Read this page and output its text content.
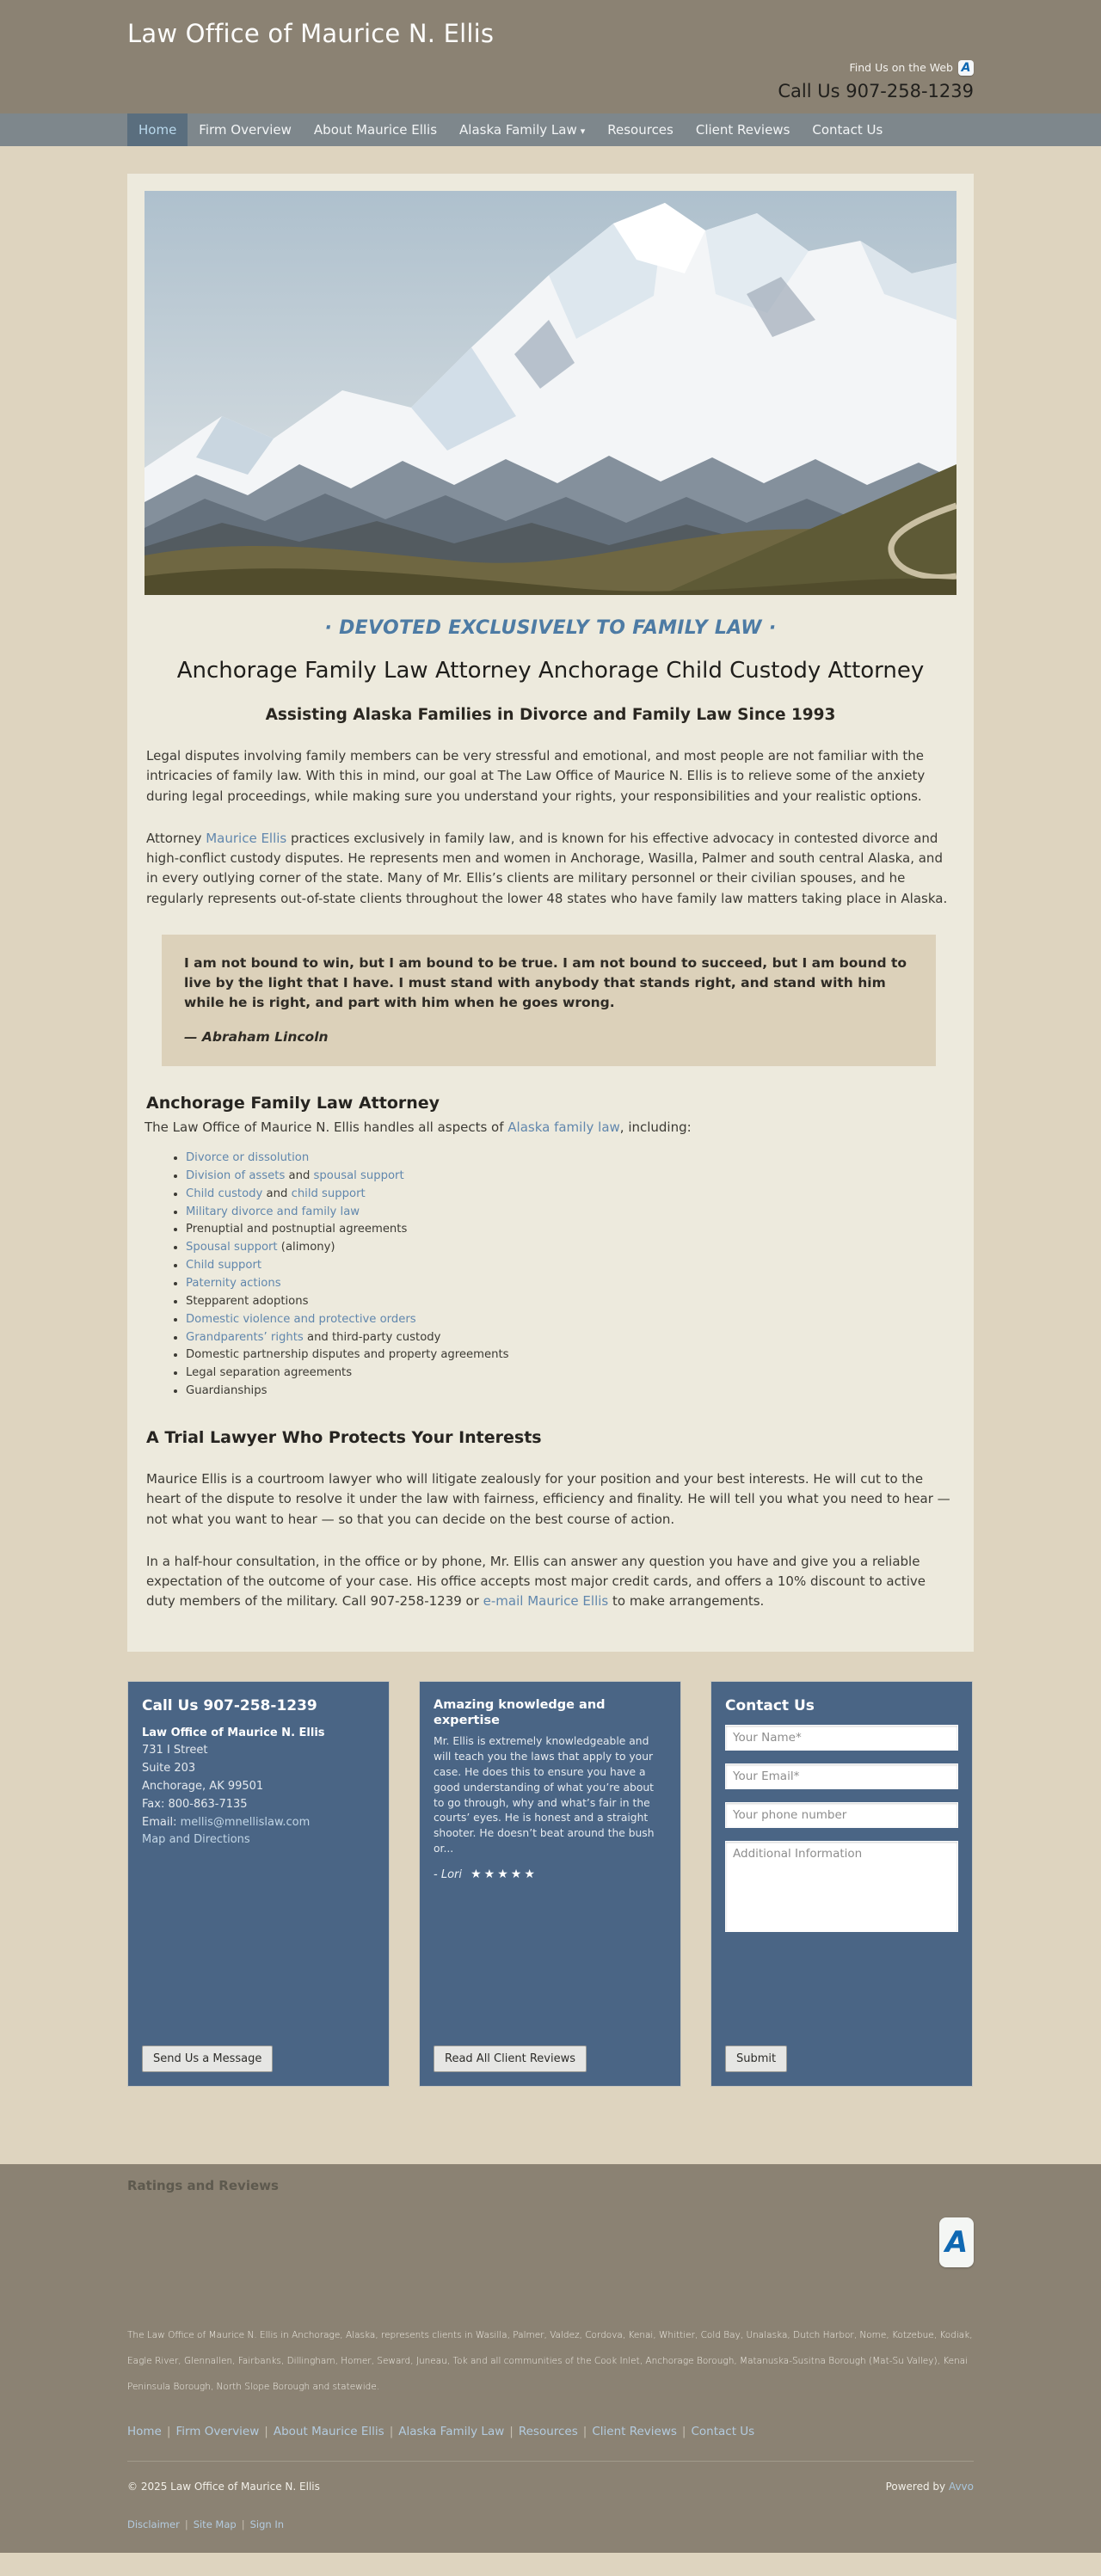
Law Office of Maurice N. Ellis
Find Us on the Web A
Call Us 907-258-1239
Home	Firm Overview	About Maurice Ellis	Alaska Family Law ▾	Resources	Client Reviews	Contact Us
· DEVOTED EXCLUSIVELY TO FAMILY LAW ·
Anchorage Family Law Attorney Anchorage Child Custody Attorney
Assisting Alaska Families in Divorce and Family Law Since 1993

Legal disputes involving family members can be very stressful and emotional, and most people are not familiar with the intricacies of family law. With this in mind, our goal at The Law Office of Maurice N. Ellis is to relieve some of the anxiety during legal proceedings, while making sure you understand your rights, your responsibilities and your realistic options.

Attorney Maurice Ellis practices exclusively in family law, and is known for his effective advocacy in contested divorce and high-conflict custody disputes. He represents men and women in Anchorage, Wasilla, Palmer and south central Alaska, and in every outlying corner of the state. Many of Mr. Ellis’s clients are military personnel or their civilian spouses, and he regularly represents out-of-state clients throughout the lower 48 states who have family law matters taking place in Alaska.

I am not bound to win, but I am bound to be true. I am not bound to succeed, but I am bound to live by the light that I have. I must stand with anybody that stands right, and stand with him while he is right, and part with him when he goes wrong.
— Abraham Lincoln
Anchorage Family Law Attorney

The Law Office of Maurice N. Ellis handles all aspects of Alaska family law, including:

• Divorce or dissolution
• Division of assets and spousal support
• Child custody and child support
• Military divorce and family law
• Prenuptial and postnuptial agreements
• Spousal support (alimony)
• Child support
• Paternity actions
• Stepparent adoptions
• Domestic violence and protective orders
• Grandparents’ rights and third-party custody
• Domestic partnership disputes and property agreements
• Legal separation agreements
• Guardianships
A Trial Lawyer Who Protects Your Interests

Maurice Ellis is a courtroom lawyer who will litigate zealously for your position and your best interests. He will cut to the heart of the dispute to resolve it under the law with fairness, efficiency and finality. He will tell you what you need to hear — not what you want to hear — so that you can decide on the best course of action.

In a half-hour consultation, in the office or by phone, Mr. Ellis can answer any question you have and give you a reliable expectation of the outcome of your case. His office accepts most major credit cards, and offers a 10% discount to active duty members of the military. Call 907-258-1239 or e-mail Maurice Ellis to make arrangements.

Call Us 907-258-1239
Law Office of Maurice N. Ellis
731 I Street
Suite 203
Anchorage, AK 99501
Fax: 800-863-7135
Email: mellis@mnellislaw.com
Map and Directions
Send Us a Message
Amazing knowledge and expertise
Mr. Ellis is extremely knowledgeable and will teach you the laws that apply to your case. He does this to ensure you have a good understanding of what you’re about to go through, why and what’s fair in the courts’ eyes. He is honest and a straight shooter. He doesn’t beat around the bush or...
- Lori ★★★★★
Read All Client Reviews
Contact Us
Your Name*
Your Email*
Your phone number
Additional Information
Submit
Ratings and Reviews
A

The Law Office of Maurice N. Ellis in Anchorage, Alaska, represents clients in Wasilla, Palmer, Valdez, Cordova, Kenai, Whittier, Cold Bay, Unalaska, Dutch Harbor, Nome, Kotzebue, Kodiak, Eagle River, Glennallen, Fairbanks, Dillingham, Homer, Seward, Juneau, Tok and all communities of the Cook Inlet, Anchorage Borough, Matanuska-Susitna Borough (Mat-Su Valley), Kenai Peninsula Borough, North Slope Borough and statewide.

Home | Firm Overview | About Maurice Ellis | Alaska Family Law | Resources | Client Reviews | Contact Us
© 2025 Law Office of Maurice N. Ellis	Powered by Avvo
Disclaimer | Site Map | Sign In
